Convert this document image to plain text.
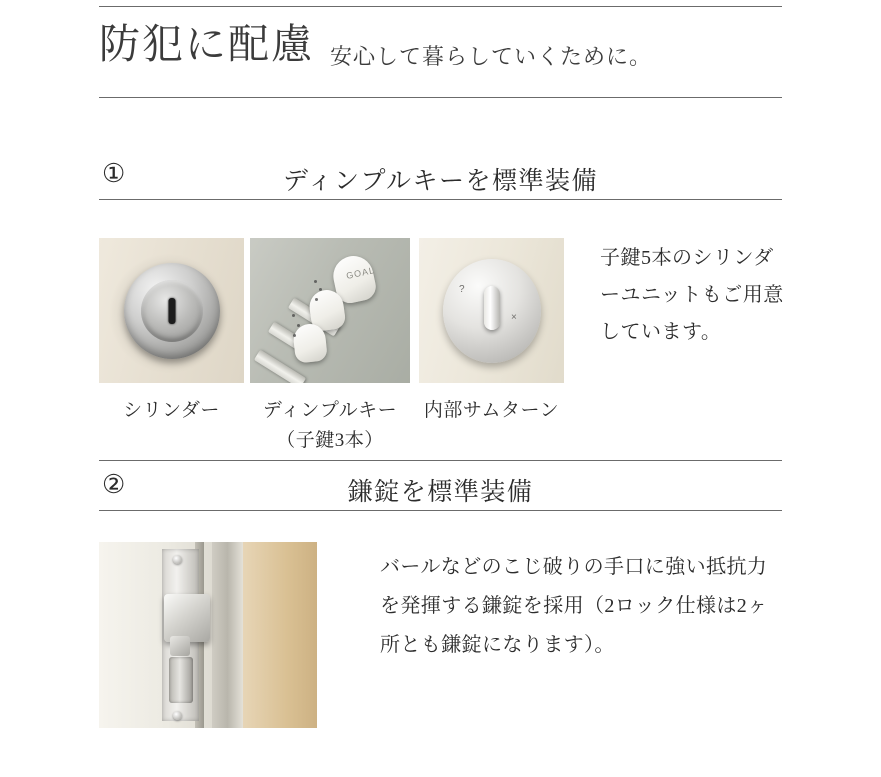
防犯に配慮 安心して暮らしていくために。
①	ディンプルキーを標準装備
GOAL
?
×
シリンダー	ディンプルキー
（子鍵3本）
内部サムターン
子鍵5本のシリンダーユニットもご用意しています。
②	鎌錠を標準装備
バールなどのこじ破りの手口に強い抵抗力を発揮する鎌錠を採用（2ロック仕様は2ヶ所とも鎌錠になります）。
